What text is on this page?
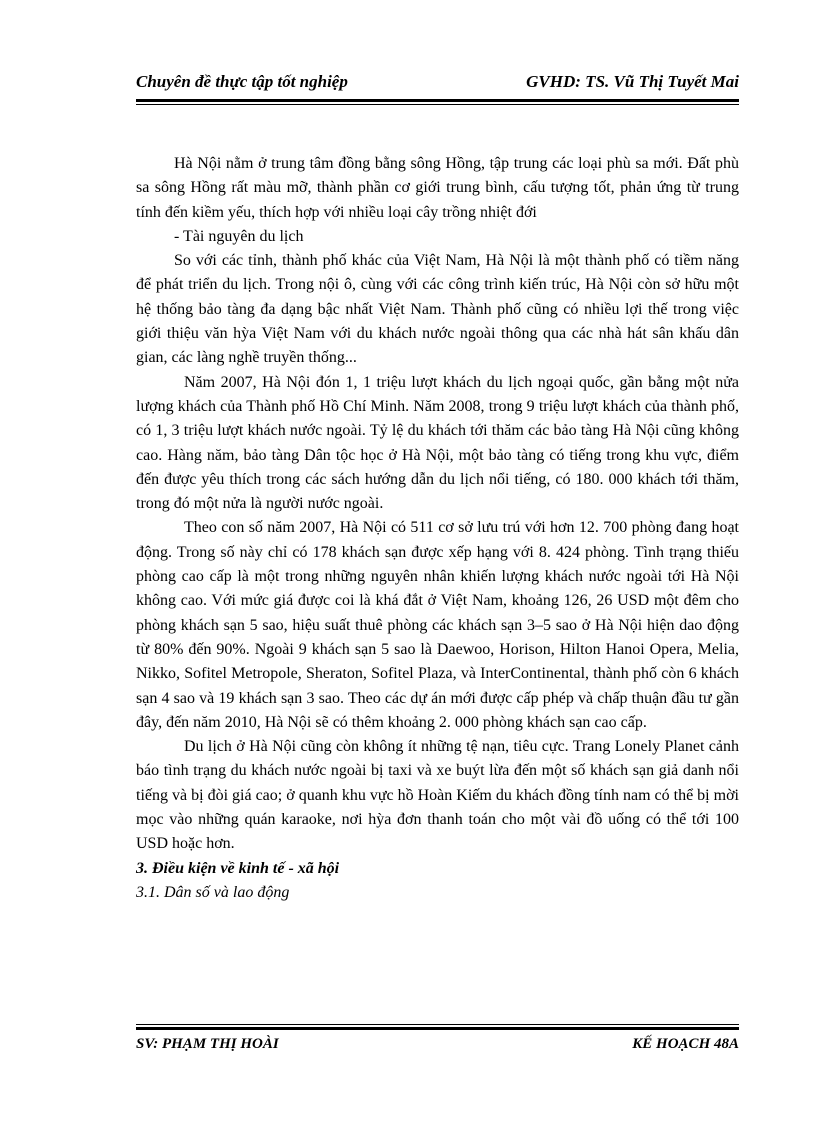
Chuyên đề thực tập tốt nghiệp	GVHD: TS. Vũ Thị Tuyết Mai

Hà Nội nằm ở trung tâm đồng bằng sông Hồng, tập trung các loại phù sa mới. Đất phù sa sông Hồng rất màu mỡ, thành phần cơ giới trung bình, cấu tượng tốt, phản ứng từ trung tính đến kiềm yếu, thích hợp với nhiều loại cây trồng nhiệt đới

- Tài nguyên du lịch

So với các tỉnh, thành phố khác của Việt Nam, Hà Nội là một thành phố có tiềm năng để phát triển du lịch. Trong nội ô, cùng với các công trình kiến trúc, Hà Nội còn sở hữu một hệ thống bảo tàng đa dạng bậc nhất Việt Nam. Thành phố cũng có nhiều lợi thế trong việc giới thiệu văn hỳa Việt Nam với du khách nước ngoài thông qua các nhà hát sân khấu dân gian, các làng nghề truyền thống...

Năm 2007, Hà Nội đón 1, 1 triệu lượt khách du lịch ngoại quốc, gần bằng một nửa lượng khách của Thành phố Hồ Chí Minh. Năm 2008, trong 9 triệu lượt khách của thành phố, có 1, 3 triệu lượt khách nước ngoài. Tỷ lệ du khách tới thăm các bảo tàng Hà Nội cũng không cao. Hàng năm, bảo tàng Dân tộc học ở Hà Nội, một bảo tàng có tiếng trong khu vực, điểm đến được yêu thích trong các sách hướng dẫn du lịch nổi tiếng, có 180. 000 khách tới thăm, trong đó một nửa là người nước ngoài.

Theo con số năm 2007, Hà Nội có 511 cơ sở lưu trú với hơn 12. 700 phòng đang hoạt động. Trong số này chỉ có 178 khách sạn được xếp hạng với 8. 424 phòng. Tình trạng thiếu phòng cao cấp là một trong những nguyên nhân khiến lượng khách nước ngoài tới Hà Nội không cao. Với mức giá được coi là khá đắt ở Việt Nam, khoảng 126, 26 USD một đêm cho phòng khách sạn 5 sao, hiệu suất thuê phòng các khách sạn 3–5 sao ở Hà Nội hiện dao động từ 80% đến 90%. Ngoài 9 khách sạn 5 sao là Daewoo, Horison, Hilton Hanoi Opera, Melia, Nikko, Sofitel Metropole, Sheraton, Sofitel Plaza, và InterContinental, thành phố còn 6 khách sạn 4 sao và 19 khách sạn 3 sao. Theo các dự án mới được cấp phép và chấp thuận đầu tư gần đây, đến năm 2010, Hà Nội sẽ có thêm khoảng 2. 000 phòng khách sạn cao cấp.

Du lịch ở Hà Nội cũng còn không ít những tệ nạn, tiêu cực. Trang Lonely Planet cảnh báo tình trạng du khách nước ngoài bị taxi và xe buýt lừa đến một số khách sạn giả danh nổi tiếng và bị đòi giá cao; ở quanh khu vực hồ Hoàn Kiếm du khách đồng tính nam có thể bị mời mọc vào những quán karaoke, nơi hỳa đơn thanh toán cho một vài đồ uống có thể tới 100 USD hoặc hơn.

3. Điều kiện về kinh tế - xã hội

3.1. Dân số và lao động

SV: PHẠM THỊ HOÀI	KẾ HOẠCH 48A
